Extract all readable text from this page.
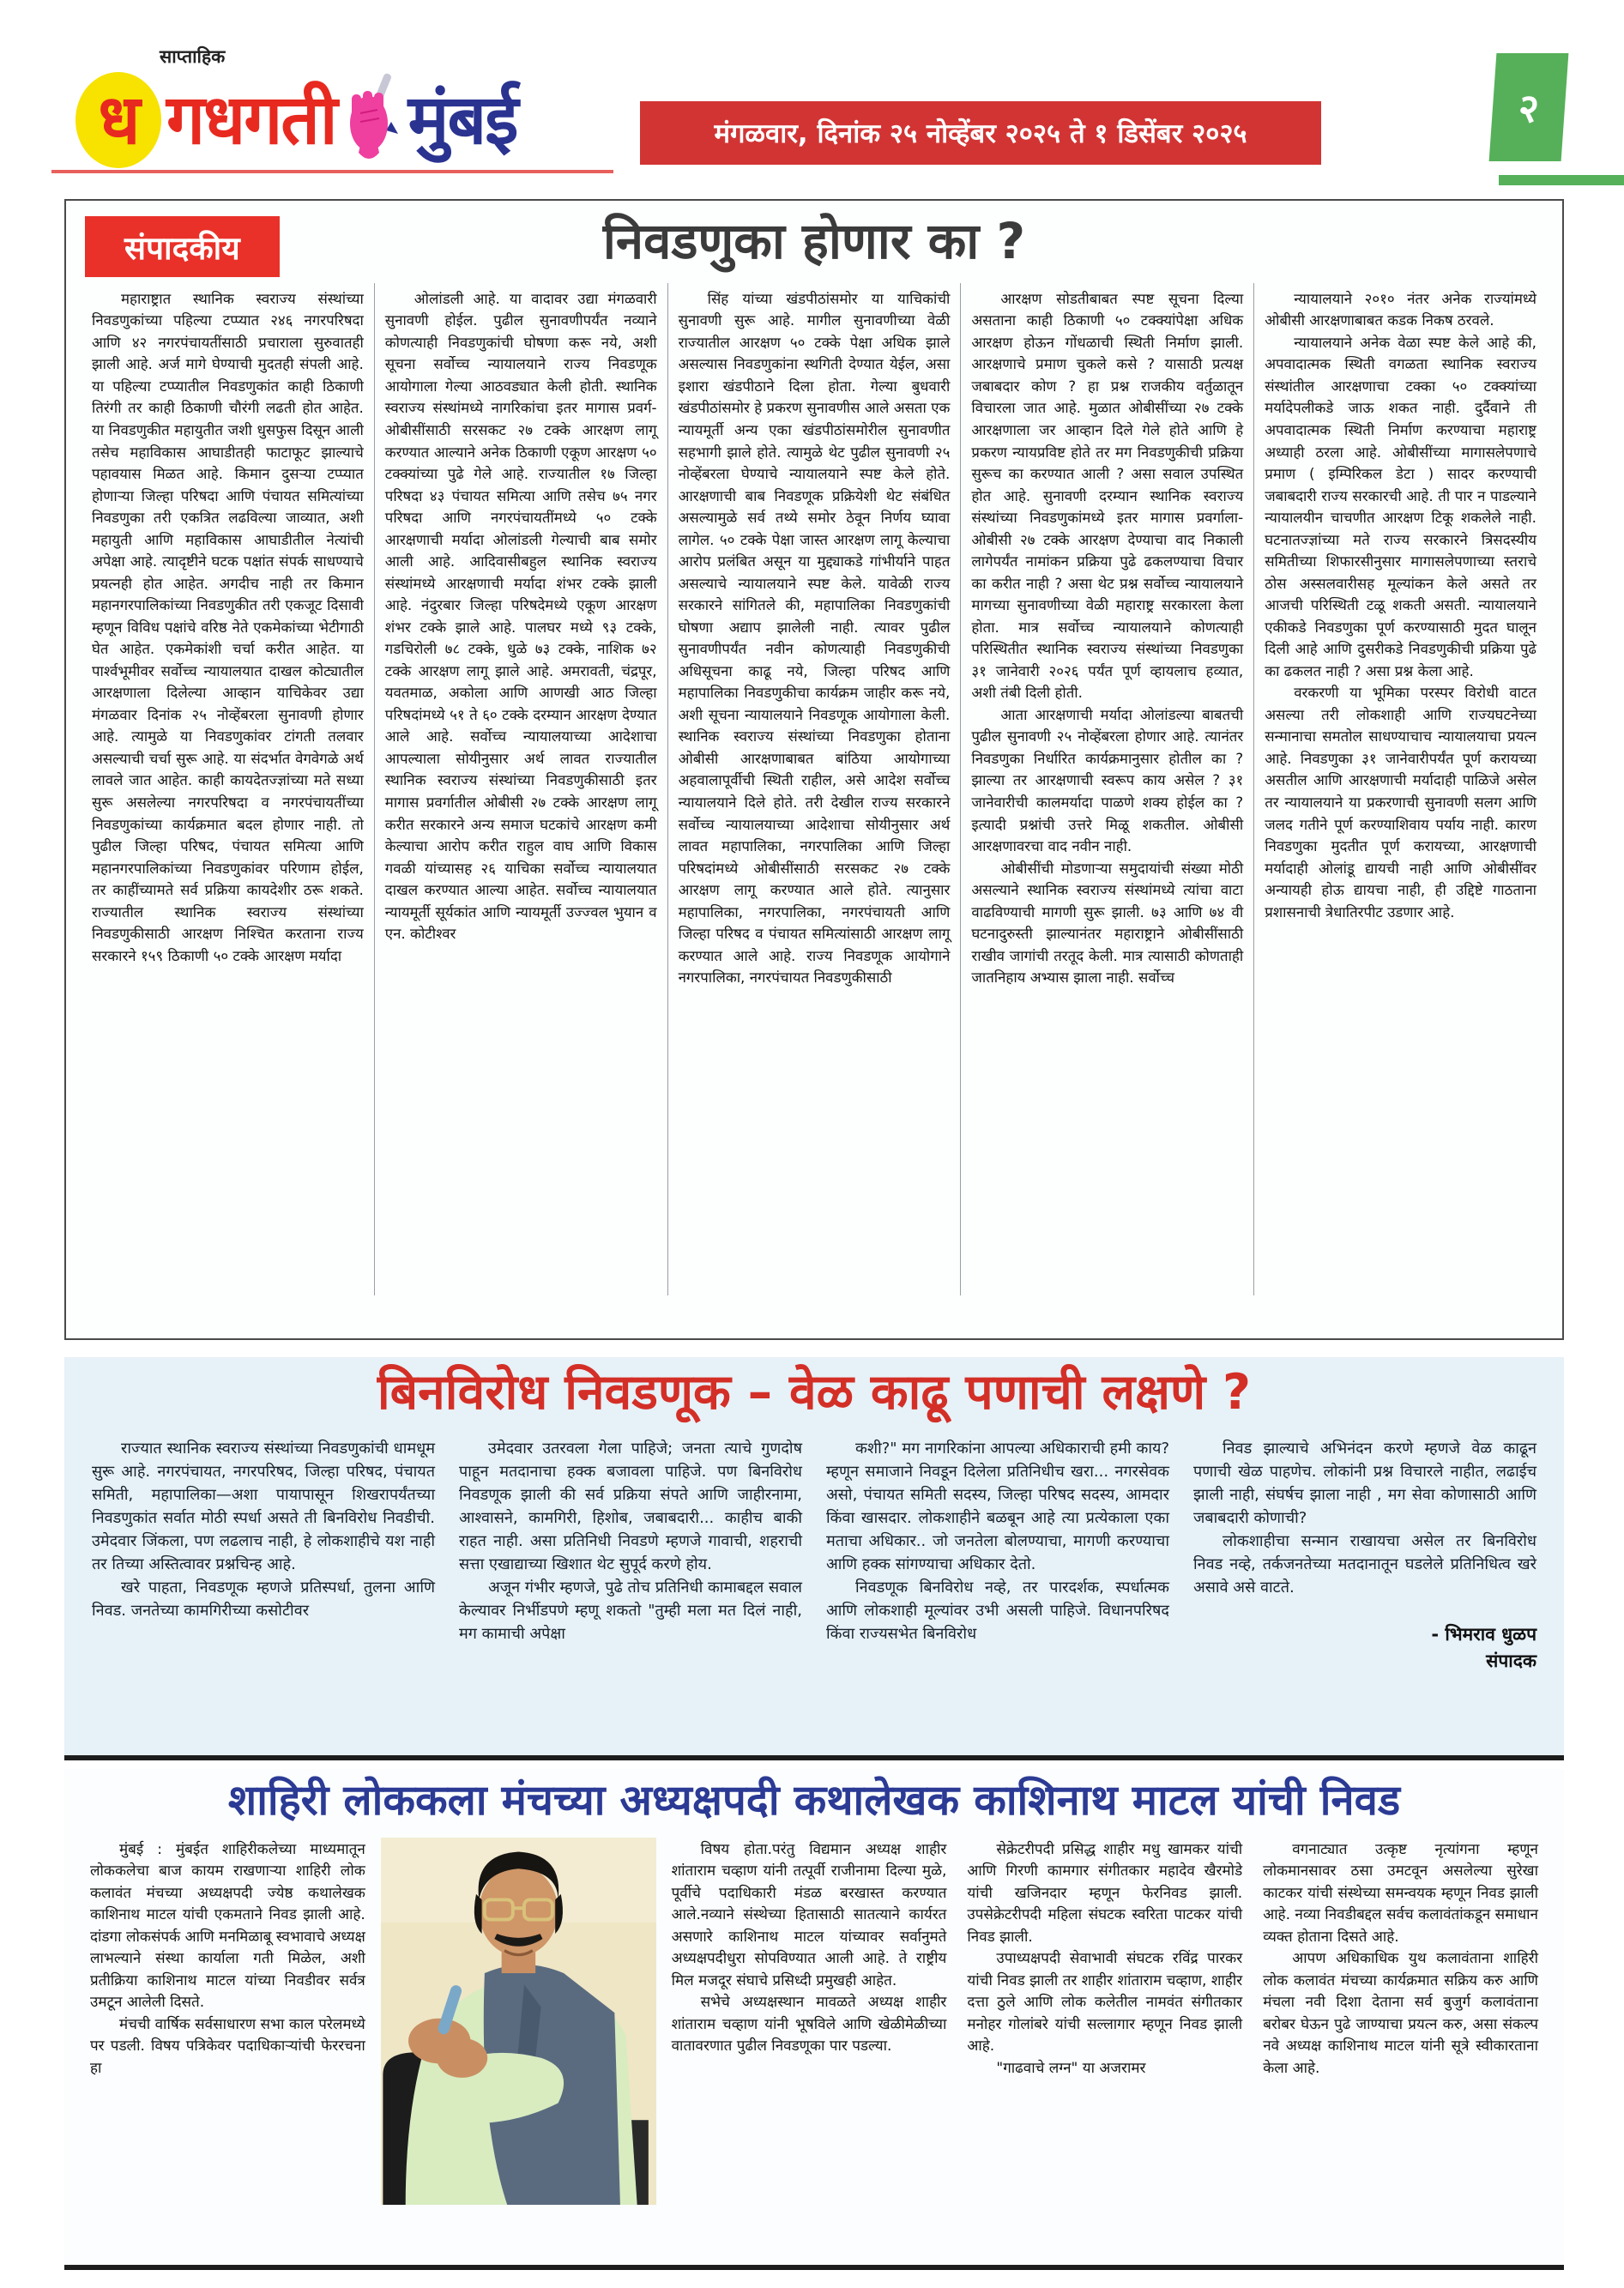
साप्ताहिक
ध गधगती मुंबई	मंगळवार, दिनांक २५ नोव्हेंबर २०२५ ते १ डिसेंबर २०२५
२
संपादकीय	निवडणुका होणार का ?

महाराष्ट्रात स्थानिक स्वराज्य संस्थांच्या निवडणुकांच्या पहिल्या टप्प्यात २४६ नगरपरिषदा आणि ४२ नगरपंचायतींसाठी प्रचाराला सुरुवातही झाली आहे. अर्ज मागे घेण्याची मुदतही संपली आहे. या पहिल्या टप्प्यातील निवडणुकांत काही ठिकाणी तिरंगी तर काही ठिकाणी चौरंगी लढती होत आहेत. या निवडणुकीत महायुतीत जशी धुसफुस दिसून आली तसेच महाविकास आघाडीतही फाटाफूट झाल्याचे पहावयास मिळत आहे. किमान दुसऱ्या टप्प्यात होणाऱ्या जिल्हा परिषदा आणि पंचायत समित्यांच्या निवडणुका तरी एकत्रित लढविल्या जाव्यात, अशी महायुती आणि महाविकास आघाडीतील नेत्यांची अपेक्षा आहे. त्यादृष्टीने घटक पक्षांत संपर्क साधण्याचे प्रयत्नही होत आहेत. अगदीच नाही तर किमान महानगरपालिकांच्या निवडणुकीत तरी एकजूट दिसावी म्हणून विविध पक्षांचे वरिष्ठ नेते एकमेकांच्या भेटीगाठी घेत आहेत. एकमेकांशी चर्चा करीत आहेत. या पार्श्वभूमीवर सर्वोच्च न्यायालयात दाखल कोट्यातील आरक्षणाला दिलेल्या आव्हान याचिकेवर उद्या मंगळवार दिनांक २५ नोव्हेंबरला सुनावणी होणार आहे. त्यामुळे या निवडणुकांवर टांगती तलवार असल्याची चर्चा सुरू आहे. या संदर्भात वेगवेगळे अर्थ लावले जात आहेत. काही कायदेतज्ज्ञांच्या मते सध्या सुरू असलेल्या नगरपरिषदा व नगरपंचायतींच्या निवडणुकांच्या कार्यक्रमात बदल होणार नाही. तो पुढील जिल्हा परिषद, पंचायत समित्या आणि महानगरपालिकांच्या निवडणुकांवर परिणाम होईल, तर काहींच्यामते सर्व प्रक्रिया कायदेशीर ठरू शकते. राज्यातील स्थानिक स्वराज्य संस्थांच्या निवडणुकीसाठी आरक्षण निश्चित करताना राज्य सरकारने १५९ ठिकाणी ५० टक्के आरक्षण मर्यादा

ओलांडली आहे. या वादावर उद्या मंगळवारी सुनावणी होईल. पुढील सुनावणीपर्यंत नव्याने कोणत्याही निवडणुकांची घोषणा करू नये, अशी सूचना सर्वोच्च न्यायालयाने राज्य निवडणूक आयोगाला गेल्या आठवड्यात केली होती. स्थानिक स्वराज्य संस्थांमध्ये नागरिकांचा इतर मागास प्रवर्ग-ओबीसींसाठी सरसकट २७ टक्के आरक्षण लागू करण्यात आल्याने अनेक ठिकाणी एकूण आरक्षण ५० टक्क्यांच्या पुढे गेले आहे. राज्यातील १७ जिल्हा परिषदा ४३ पंचायत समित्या आणि तसेच ७५ नगर परिषदा आणि नगरपंचायतींमध्ये ५० टक्के आरक्षणाची मर्यादा ओलांडली गेल्याची बाब समोर आली आहे. आदिवासीबहुल स्थानिक स्वराज्य संस्थांमध्ये आरक्षणाची मर्यादा शंभर टक्के झाली आहे. नंदुरबार जिल्हा परिषदेमध्ये एकूण आरक्षण शंभर टक्के झाले आहे. पालघर मध्ये ९३ टक्के, गडचिरोली ७८ टक्के, धुळे ७३ टक्के, नाशिक ७२ टक्के आरक्षण लागू झाले आहे. अमरावती, चंद्रपूर, यवतमाळ, अकोला आणि आणखी आठ जिल्हा परिषदांमध्ये ५१ ते ६० टक्के दरम्यान आरक्षण देण्यात आले आहे. सर्वोच्च न्यायालयाच्या आदेशाचा आपल्याला सोयीनुसार अर्थ लावत राज्यातील स्थानिक स्वराज्य संस्थांच्या निवडणुकीसाठी इतर मागास प्रवर्गातील ओबीसी २७ टक्के आरक्षण लागू करीत सरकारने अन्य समाज घटकांचे आरक्षण कमी केल्याचा आरोप करीत राहुल वाघ आणि विकास गवळी यांच्यासह २६ याचिका सर्वोच्च न्यायालयात दाखल करण्यात आल्या आहेत. सर्वोच्च न्यायालयात न्यायमूर्ती सूर्यकांत आणि न्यायमूर्ती उज्ज्वल भुयान व एन. कोटीश्वर

सिंह यांच्या खंडपीठांसमोर या याचिकांची सुनावणी सुरू आहे. मागील सुनावणीच्या वेळी राज्यातील आरक्षण ५० टक्के पेक्षा अधिक झाले असल्यास निवडणुकांना स्थगिती देण्यात येईल, असा इशारा खंडपीठाने दिला होता. गेल्या बुधवारी खंडपीठांसमोर हे प्रकरण सुनावणीस आले असता एक न्यायमूर्ती अन्य एका खंडपीठांसमोरील सुनावणीत सहभागी झाले होते. त्यामुळे थेट पुढील सुनावणी २५ नोव्हेंबरला घेण्याचे न्यायालयाने स्पष्ट केले होते. आरक्षणाची बाब निवडणूक प्रक्रियेशी थेट संबंधित असल्यामुळे सर्व तथ्ये समोर ठेवून निर्णय घ्यावा लागेल. ५० टक्के पेक्षा जास्त आरक्षण लागू केल्याचा आरोप प्रलंबित असून या मुद्द्याकडे गांभीर्याने पाहत असल्याचे न्यायालयाने स्पष्ट केले. यावेळी राज्य सरकारने सांगितले की, महापालिका निवडणुकांची घोषणा अद्याप झालेली नाही. त्यावर पुढील सुनावणीपर्यंत नवीन कोणत्याही निवडणुकीची अधिसूचना काढू नये, जिल्हा परिषद आणि महापालिका निवडणुकीचा कार्यक्रम जाहीर करू नये, अशी सूचना न्यायालयाने निवडणूक आयोगाला केली. स्थानिक स्वराज्य संस्थांच्या निवडणुका होताना ओबीसी आरक्षणाबाबत बांठिया आयोगाच्या अहवालापूर्वीची स्थिती राहील, असे आदेश सर्वोच्च न्यायालयाने दिले होते. तरी देखील राज्य सरकारने सर्वोच्च न्यायालयाच्या आदेशाचा सोयीनुसार अर्थ लावत महापालिका, नगरपालिका आणि जिल्हा परिषदांमध्ये ओबीसींसाठी सरसकट २७ टक्के आरक्षण लागू करण्यात आले होते. त्यानुसार महापालिका, नगरपालिका, नगरपंचायती आणि जिल्हा परिषद व पंचायत समित्यांसाठी आरक्षण लागू करण्यात आले आहे. राज्य निवडणूक आयोगाने नगरपालिका, नगरपंचायत निवडणुकीसाठी

आरक्षण सोडतीबाबत स्पष्ट सूचना दिल्या असताना काही ठिकाणी ५० टक्क्यांपेक्षा अधिक आरक्षण होऊन गोंधळाची स्थिती निर्माण झाली. आरक्षणाचे प्रमाण चुकले कसे ? यासाठी प्रत्यक्ष जबाबदार कोण ? हा प्रश्न राजकीय वर्तुळातून विचारला जात आहे. मुळात ओबीसींच्या २७ टक्के आरक्षणाला जर आव्हान दिले गेले होते आणि हे प्रकरण न्यायप्रविष्ट होते तर मग निवडणुकीची प्रक्रिया सुरूच का करण्यात आली ? असा सवाल उपस्थित होत आहे. सुनावणी दरम्यान स्थानिक स्वराज्य संस्थांच्या निवडणुकांमध्ये इतर मागास प्रवर्गाला-ओबीसी २७ टक्के आरक्षण देण्याचा वाद निकाली लागेपर्यंत नामांकन प्रक्रिया पुढे ढकलण्याचा विचार का करीत नाही ? असा थेट प्रश्न सर्वोच्च न्यायालयाने मागच्या सुनावणीच्या वेळी महाराष्ट्र सरकारला केला होता. मात्र सर्वोच्च न्यायालयाने कोणत्याही परिस्थितीत स्थानिक स्वराज्य संस्थांच्या निवडणुका ३१ जानेवारी २०२६ पर्यंत पूर्ण व्हायलाच हव्यात, अशी तंबी दिली होती.

आता आरक्षणाची मर्यादा ओलांडल्या बाबतची पुढील सुनावणी २५ नोव्हेंबरला होणार आहे. त्यानंतर निवडणुका निर्धारित कार्यक्रमानुसार होतील का ? झाल्या तर आरक्षणाची स्वरूप काय असेल ? ३१ जानेवारीची कालमर्यादा पाळणे शक्य होईल का ? इत्यादी प्रश्नांची उत्तरे मिळू शकतील. ओबीसी आरक्षणावरचा वाद नवीन नाही.

ओबीसींची मोडणाऱ्या समुदायांची संख्या मोठी असल्याने स्थानिक स्वराज्य संस्थांमध्ये त्यांचा वाटा वाढविण्याची मागणी सुरू झाली. ७३ आणि ७४ वी घटनादुरुस्ती झाल्यानंतर महाराष्ट्राने ओबीसींसाठी राखीव जागांची तरतूद केली. मात्र त्यासाठी कोणताही जातनिहाय अभ्यास झाला नाही. सर्वोच्च

न्यायालयाने २०१० नंतर अनेक राज्यांमध्ये ओबीसी आरक्षणाबाबत कडक निकष ठरवले.

न्यायालयाने अनेक वेळा स्पष्ट केले आहे की, अपवादात्मक स्थिती वगळता स्थानिक स्वराज्य संस्थांतील आरक्षणाचा टक्का ५० टक्क्यांच्या मर्यादेपलीकडे जाऊ शकत नाही. दुर्दैवाने ती अपवादात्मक स्थिती निर्माण करण्याचा महाराष्ट्र अध्याही ठरला आहे. ओबीसींच्या मागासलेपणाचे प्रमाण ( इम्पिरिकल डेटा ) सादर करण्याची जबाबदारी राज्य सरकारची आहे. ती पार न पाडल्याने न्यायालयीन चाचणीत आरक्षण टिकू शकलेले नाही. घटनातज्ज्ञांच्या मते राज्य सरकारने त्रिसदस्यीय समितीच्या शिफारसीनुसार मागासलेपणाच्या स्तराचे ठोस अस्सलवारीसह मूल्यांकन केले असते तर आजची परिस्थिती टळू शकती असती. न्यायालयाने एकीकडे निवडणुका पूर्ण करण्यासाठी मुदत घालून दिली आहे आणि दुसरीकडे निवडणुकीची प्रक्रिया पुढे का ढकलत नाही ? असा प्रश्न केला आहे.

वरकरणी या भूमिका परस्पर विरोधी वाटत असल्या तरी लोकशाही आणि राज्यघटनेच्या सन्मानाचा समतोल साधण्याचाच न्यायालयाचा प्रयत्न आहे. निवडणुका ३१ जानेवारीपर्यंत पूर्ण करायच्या असतील आणि आरक्षणाची मर्यादाही पाळिजे असेल तर न्यायालयाने या प्रकरणाची सुनावणी सलग आणि जलद गतीने पूर्ण करण्याशिवाय पर्याय नाही. कारण निवडणुका मुदतीत पूर्ण करायच्या, आरक्षणाची मर्यादाही ओलांडू द्यायची नाही आणि ओबीसींवर अन्यायही होऊ द्यायचा नाही, ही उद्दिष्टे गाठताना प्रशासनाची त्रेधातिरपीट उडणार आहे.

बिनविरोध निवडणूक – वेळ काढू पणाची लक्षणे ?

राज्यात स्थानिक स्वराज्य संस्थांच्या निवडणुकांची धामधूम सुरू आहे. नगरपंचायत, नगरपरिषद, जिल्हा परिषद, पंचायत समिती, महापालिका—अशा पायापासून शिखरापर्यंतच्या निवडणुकांत सर्वात मोठी स्पर्धा असते ती बिनविरोध निवडीची. उमेदवार जिंकला, पण लढलाच नाही, हे लोकशाहीचे यश नाही तर तिच्या अस्तित्वावर प्रश्नचिन्ह आहे.

खरे पाहता, निवडणूक म्हणजे प्रतिस्पर्धा, तुलना आणि निवड. जनतेच्या कामगिरीच्या कसोटीवर

उमेदवार उतरवला गेला पाहिजे; जनता त्याचे गुणदोष पाहून मतदानाचा हक्क बजावला पाहिजे. पण बिनविरोध निवडणूक झाली की सर्व प्रक्रिया संपते आणि जाहीरनामा, आश्वासने, कामगिरी, हिशोब, जबाबदारी... काहीच बाकी राहत नाही. असा प्रतिनिधी निवडणे म्हणजे गावाची, शहराची सत्ता एखाद्याच्या खिशात थेट सुपूर्द करणे होय.

अजून गंभीर म्हणजे, पुढे तोच प्रतिनिधी कामाबद्दल सवाल केल्यावर निर्भीडपणे म्हणू शकतो "तुम्ही मला मत दिलं नाही, मग कामाची अपेक्षा

कशी?" मग नागरिकांना आपल्या अधिकाराची हमी काय? म्हणून समाजाने निवडून दिलेला प्रतिनिधीच खरा... नगरसेवक असो, पंचायत समिती सदस्य, जिल्हा परिषद सदस्य, आमदार किंवा खासदार. लोकशाहीने बळबून आहे त्या प्रत्येकाला एका मताचा अधिकार.. जो जनतेला बोलण्याचा, मागणी करण्याचा आणि हक्क सांगण्याचा अधिकार देतो.

निवडणूक बिनविरोध नव्हे, तर पारदर्शक, स्पर्धात्मक आणि लोकशाही मूल्यांवर उभी असली पाहिजे. विधानपरिषद किंवा राज्यसभेत बिनविरोध

निवड झाल्याचे अभिनंदन करणे म्हणजे वेळ काढून पणाची खेळ पाहणेच. लोकांनी प्रश्न विचारले नाहीत, लढाईच झाली नाही, संघर्षच झाला नाही , मग सेवा कोणासाठी आणि जबाबदारी कोणाची?

लोकशाहीचा सन्मान राखायचा असेल तर बिनविरोध निवड नव्हे, तर्कजनतेच्या मतदानातून घडलेले प्रतिनिधित्व खरे असावे असे वाटते.

- भिमराव धुळप
संपादक
शाहिरी लोककला मंचच्या अध्यक्षपदी कथालेखक काशिनाथ माटल यांची निवड

मुंबई : मुंबईत शाहिरीकलेच्या माध्यमातून लोककलेचा बाज कायम राखणाऱ्या शाहिरी लोक कलावंत मंचच्या अध्यक्षपदी ज्येष्ठ कथालेखक काशिनाथ माटल यांची एकमताने निवड झाली आहे. दांडगा लोकसंपर्क आणि मनमिळाबू स्वभावाचे अध्यक्ष लाभल्याने संस्था कार्याला गती मिळेल, अशी प्रतीक्रिया काशिनाथ माटल यांच्या निवडीवर सर्वत्र उमटून आलेली दिसते.

मंचची वार्षिक सर्वसाधारण सभा काल परेलमध्ये पर पडली. विषय पत्रिकेवर पदाधिकाऱ्यांची फेररचना हा

विषय होता.परंतु विद्यमान अध्यक्ष शाहीर शांताराम चव्हाण यांनी तत्पूर्वी राजीनामा दिल्या मुळे, पूर्वीचे पदाधिकारी मंडळ बरखास्त करण्यात आले.नव्याने संस्थेच्या हितासाठी सातत्याने कार्यरत असणारे काशिनाथ माटल यांच्यावर सर्वानुमते अध्यक्षपदीधुरा सोपविण्यात आली आहे. ते राष्ट्रीय मिल मजदूर संघाचे प्रसिध्दी प्रमुखही आहेत.

सभेचे अध्यक्षस्थान मावळते अध्यक्ष शाहीर शांताराम चव्हाण यांनी भूषविले आणि खेळीमेळीच्या वातावरणात पुढील निवडणूका पार पडल्या.

सेक्रेटरीपदी प्रसिद्ध शाहीर मधु खामकर यांची आणि गिरणी कामगार संगीतकार महादेव खैरमोडे यांची खजिनदार म्हणून फेरनिवड झाली. उपसेक्रेटरीपदी महिला संघटक स्वरिता पाटकर यांची निवड झाली.

उपाध्यक्षपदी सेवाभावी संघटक रविंद्र पारकर यांची निवड झाली तर शाहीर शांताराम चव्हाण, शाहीर दत्ता ठुले आणि लोक कलेतील नामवंत संगीतकार मनोहर गोलांबरे यांची सल्लागार म्हणून निवड झाली आहे.

"गाढवाचे लग्न" या अजरामर

वगनाट्यात उत्कृष्ट नृत्यांगना म्हणून लोकमानसावर ठसा उमटवून असलेल्या सुरेखा काटकर यांची संस्थेच्या समन्वयक म्हणून निवड झाली आहे. नव्या निवडीबद्दल सर्वच कलावंतांकडून समाधान व्यक्त होताना दिसते आहे.

आपण अधिकाधिक युथ कलावंताना शाहिरी लोक कलावंत मंचच्या कार्यक्रमात सक्रिय करु आणि मंचला नवी दिशा देताना सर्व बुजुर्ग कलावंताना बरोबर घेऊन पुढे जाण्याचा प्रयत्न करु, असा संकल्प नवे अध्यक्ष काशिनाथ माटल यांनी सूत्रे स्वीकारताना केला आहे.
